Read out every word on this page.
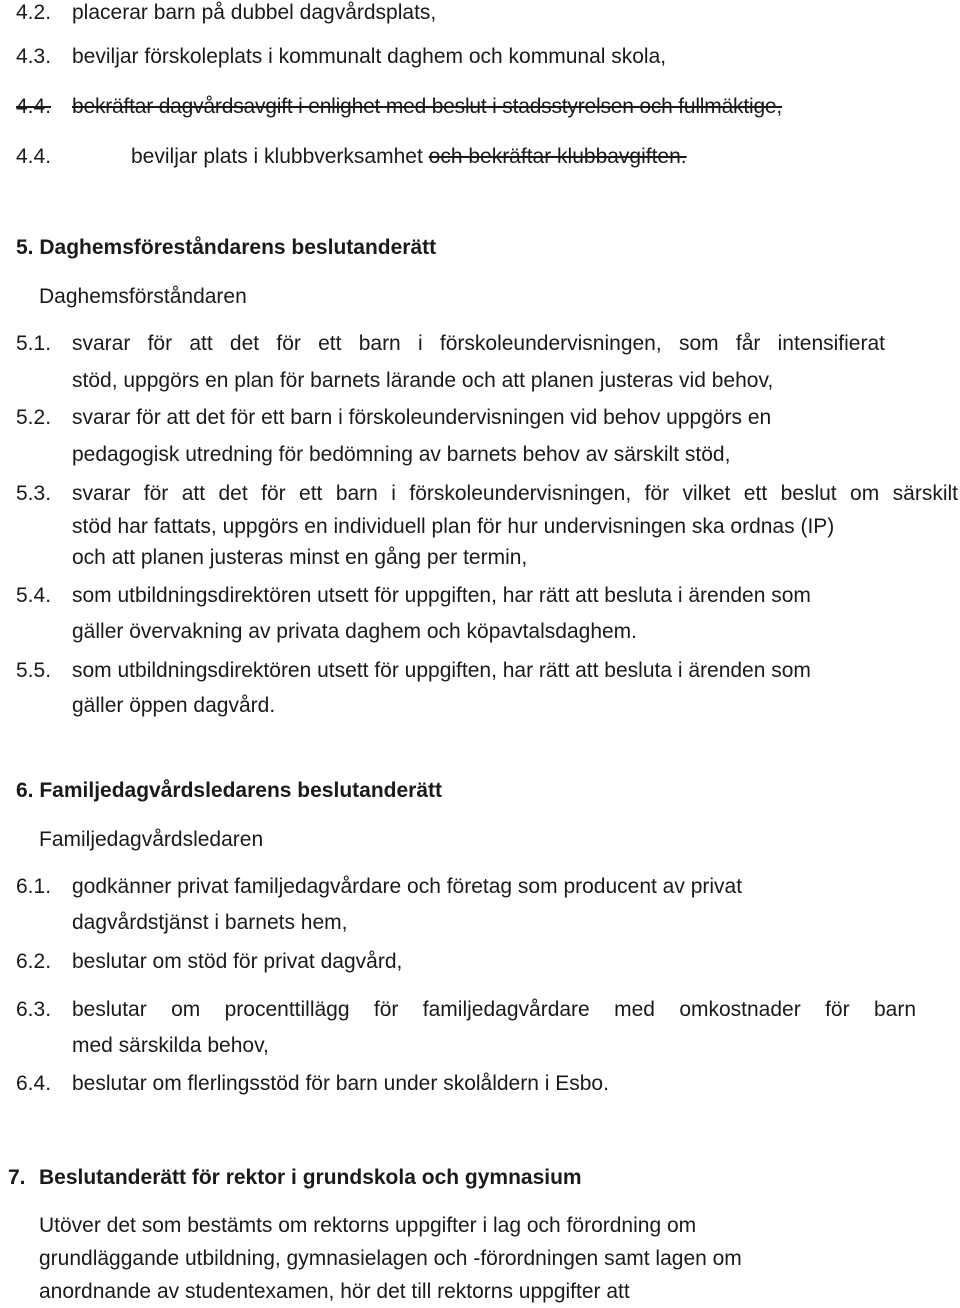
4.2. placerar barn på dubbel dagvårdsplats,
4.3. beviljar förskoleplats i kommunalt daghem och kommunal skola,
4.4. bekräftar dagvårdsavgift i enlighet med beslut i stadsstyrelsen och fullmäktige,
4.4.	beviljar plats i klubbverksamhet och bekräftar klubbavgiften.
5. Daghemsföreståndarens beslutanderätt
Daghemsförståndaren
5.1. svarar för att det för ett barn i förskoleundervisningen, som får intensifierat
stöd, uppgörs en plan för barnets lärande och att planen justeras vid behov,
5.2. svarar för att det för ett barn i förskoleundervisningen vid behov uppgörs en
pedagogisk utredning för bedömning av barnets behov av särskilt stöd,
5.3. svarar för att det för ett barn i förskoleundervisningen, för vilket ett beslut om särskilt
stöd har fattats, uppgörs en individuell plan för hur undervisningen ska ordnas (IP)
och att planen justeras minst en gång per termin,
5.4. som utbildningsdirektören utsett för uppgiften, har rätt att besluta i ärenden som
gäller övervakning av privata daghem och köpavtalsdaghem.
5.5. som utbildningsdirektören utsett för uppgiften, har rätt att besluta i ärenden som
gäller öppen dagvård.
6. Familjedagvårdsledarens beslutanderätt
Familjedagvårdsledaren
6.1. godkänner privat familjedagvårdare och företag som producent av privat
dagvårdstjänst i barnets hem,
6.2. beslutar om stöd för privat dagvård,
6.3. beslutar om procenttillägg för familjedagvårdare med omkostnader för barn
med särskilda behov,
6.4. beslutar om flerlingsstöd för barn under skolåldern i Esbo.
7. Beslutanderätt för rektor i grundskola och gymnasium
Utöver det som bestämts om rektorns uppgifter i lag och förordning om
grundläggande utbildning, gymnasielagen och -förordningen samt lagen om
anordnande av studentexamen, hör det till rektorns uppgifter att
